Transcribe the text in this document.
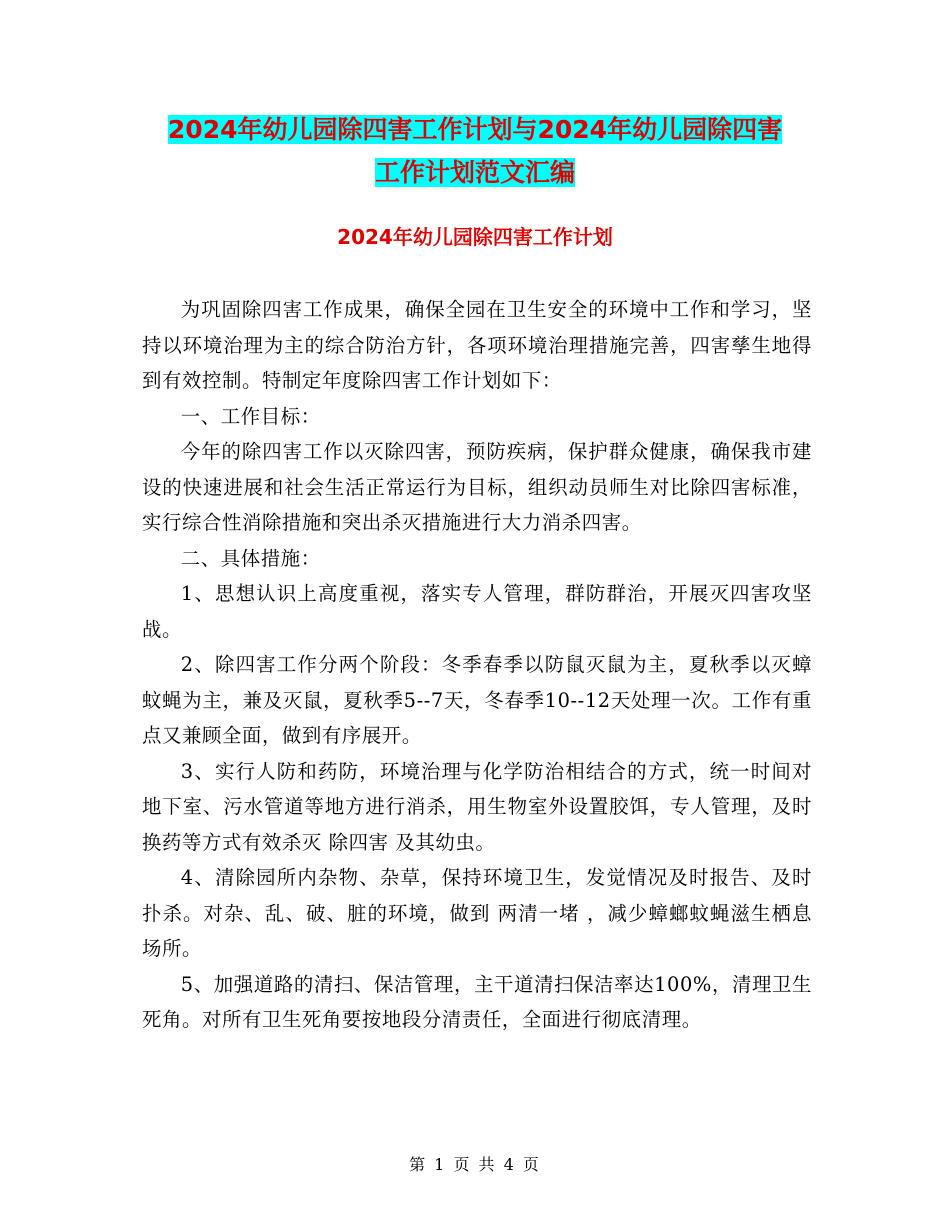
2024年幼儿园除四害工作计划与2024年幼儿园除四害
工作计划范文汇编
2024年幼儿园除四害工作计划

为巩固除四害工作成果，确保全园在卫生安全的环境中工作和学习，坚持以环境治理为主的综合防治方针，各项环境治理措施完善，四害孳生地得到有效控制。特制定年度除四害工作计划如下：

一、工作目标：

今年的除四害工作以灭除四害，预防疾病，保护群众健康，确保我市建设的快速进展和社会生活正常运行为目标，组织动员师生对比除四害标准，实行综合性消除措施和突出杀灭措施进行大力消杀四害。

二、具体措施：

1、思想认识上高度重视，落实专人管理，群防群治，开展灭四害攻坚战。

2、除四害工作分两个阶段：冬季春季以防鼠灭鼠为主，夏秋季以灭蟑蚊蝇为主，兼及灭鼠，夏秋季5--7天，冬春季10--12天处理一次。工作有重点又兼顾全面，做到有序展开。

3、实行人防和药防，环境治理与化学防治相结合的方式，统一时间对地下室、污水管道等地方进行消杀，用生物室外设置胶饵，专人管理，及时换药等方式有效杀灭 除四害 及其幼虫。

4、清除园所内杂物、杂草，保持环境卫生，发觉情况及时报告、及时扑杀。对杂、乱、破、脏的环境，做到 两清一堵 ，减少蟑螂蚊蝇滋生栖息场所。

5、加强道路的清扫、保洁管理，主干道清扫保洁率达100%，清理卫生死角。对所有卫生死角要按地段分清责任，全面进行彻底清理。

第 1 页 共 4 页
